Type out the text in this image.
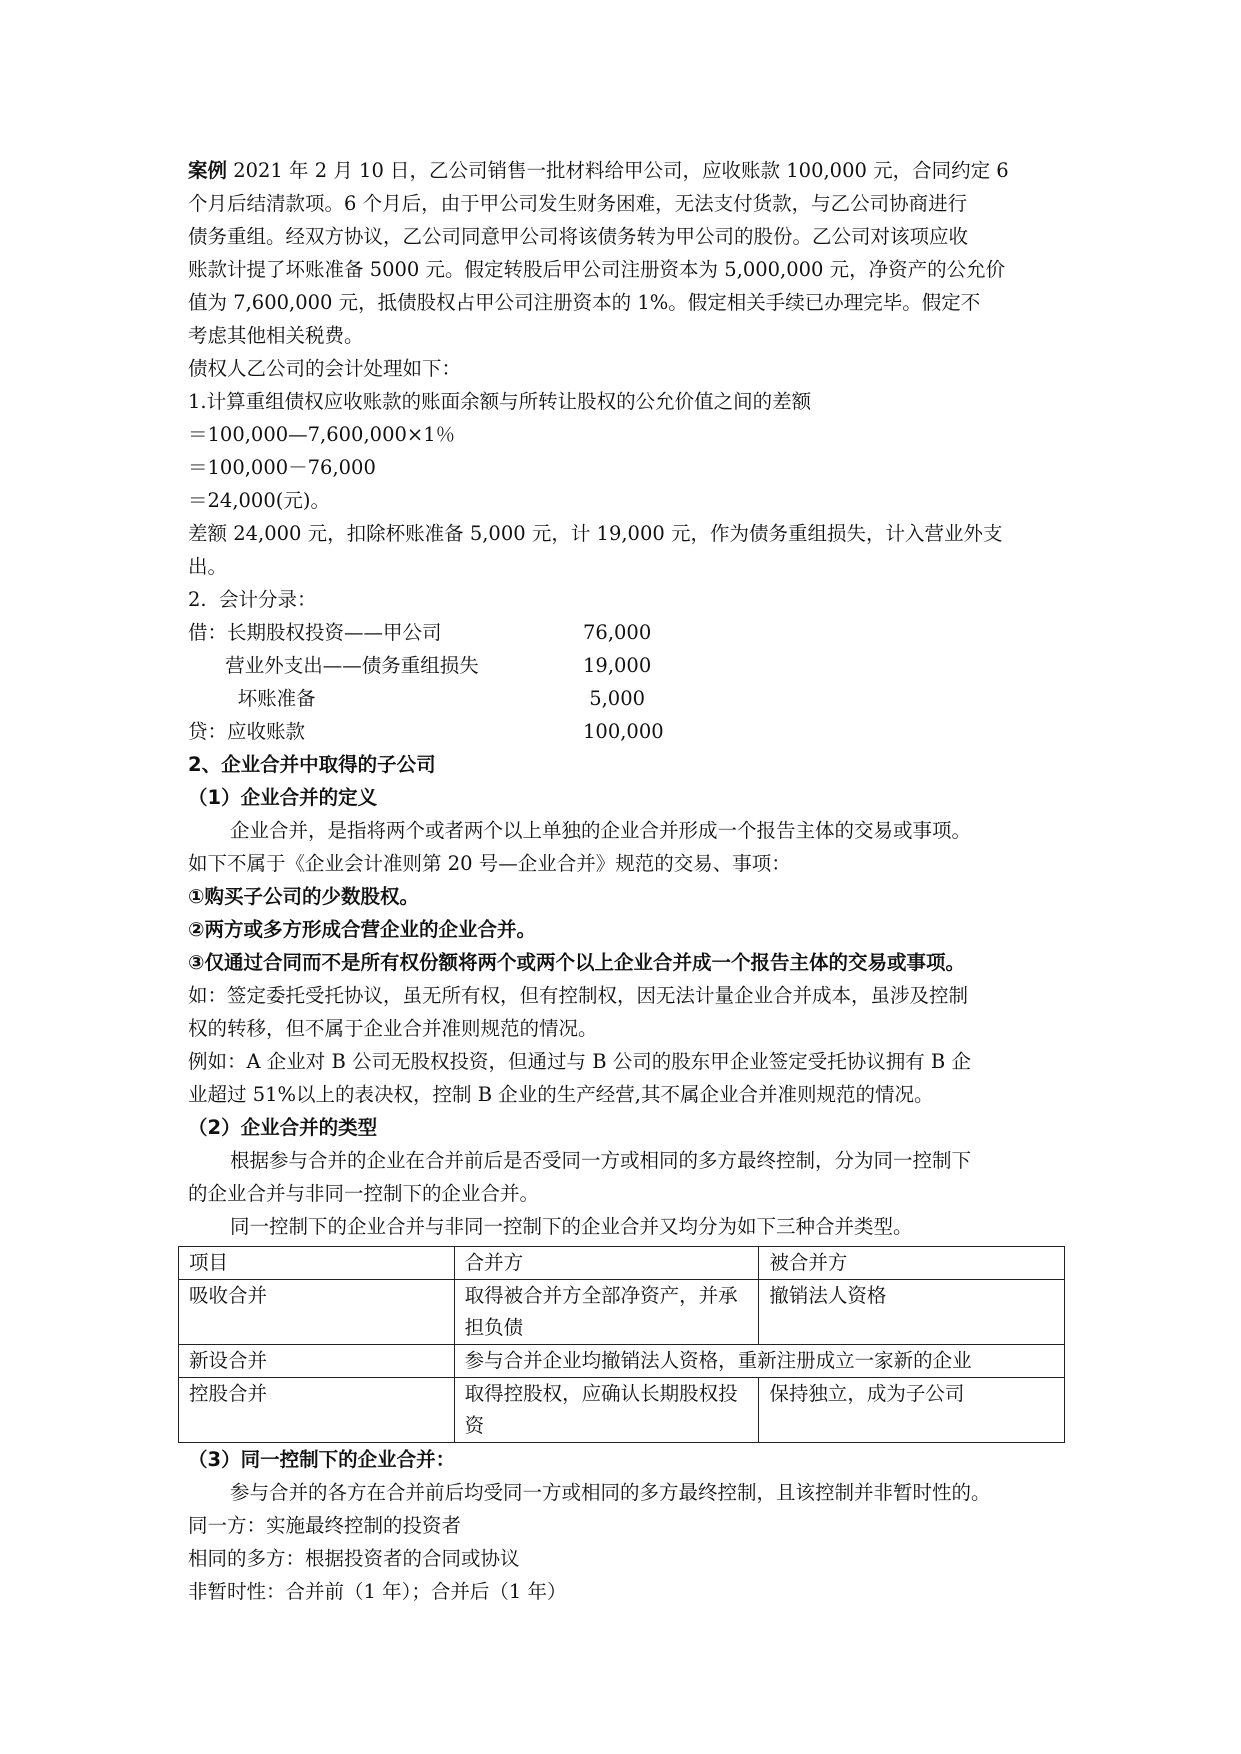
案例 2021 年 2 月 10 日，乙公司销售一批材料给甲公司，应收账款 100,000 元，合同约定 6
个月后结清款项。6 个月后，由于甲公司发生财务困难，无法支付货款，与乙公司协商进行
债务重组。经双方协议，乙公司同意甲公司将该债务转为甲公司的股份。乙公司对该项应收
账款计提了坏账准备 5000 元。假定转股后甲公司注册资本为 5,000,000 元，净资产的公允价
值为 7,600,000 元，抵债股权占甲公司注册资本的 1%。假定相关手续已办理完毕。假定不
考虑其他相关税费。
债权人乙公司的会计处理如下：
1.计算重组债权应收账款的账面余额与所转让股权的公允价值之间的差额
＝100,000—7,600,000×1％
＝100,000－76,000
＝24,000(元)。
差额 24,000 元，扣除杯账准备 5,000 元，计 19,000 元，作为债务重组损失，计入营业外支
出。
2.  会计分录：
借：长期股权投资——甲公司	76,000
营业外支出——债务重组损失	19,000
坏账准备	5,000
贷：应收账款	100,000
2、企业合并中取得的子公司
（1）企业合并的定义
企业合并，是指将两个或者两个以上单独的企业合并形成一个报告主体的交易或事项。
如下不属于《企业会计准则第 20 号—企业合并》规范的交易、事项：
①购买子公司的少数股权。
②两方或多方形成合营企业的企业合并。
③仅通过合同而不是所有权份额将两个或两个以上企业合并成一个报告主体的交易或事项。
如：签定委托受托协议，虽无所有权，但有控制权，因无法计量企业合并成本，虽涉及控制
权的转移，但不属于企业合并准则规范的情况。
例如：A 企业对 B 公司无股权投资，但通过与 B 公司的股东甲企业签定受托协议拥有 B 企
业超过 51%以上的表决权，控制 B 企业的生产经营,其不属企业合并准则规范的情况。
（2）企业合并的类型
根据参与合并的企业在合并前后是否受同一方或相同的多方最终控制，分为同一控制下
的企业合并与非同一控制下的企业合并。
同一控制下的企业合并与非同一控制下的企业合并又均分为如下三种合并类型。
项目	合并方	被合并方
吸收合并	取得被合并方全部净资产，并承担负债	撤销法人资格
新设合并	参与合并企业均撤销法人资格，重新注册成立一家新的企业	
控股合并	取得控股权，应确认长期股权投资	保持独立，成为子公司
（3）同一控制下的企业合并：
参与合并的各方在合并前后均受同一方或相同的多方最终控制，且该控制并非暂时性的。
同一方：实施最终控制的投资者
相同的多方：根据投资者的合同或协议
非暂时性：合并前（1 年）；合并后（1 年）
